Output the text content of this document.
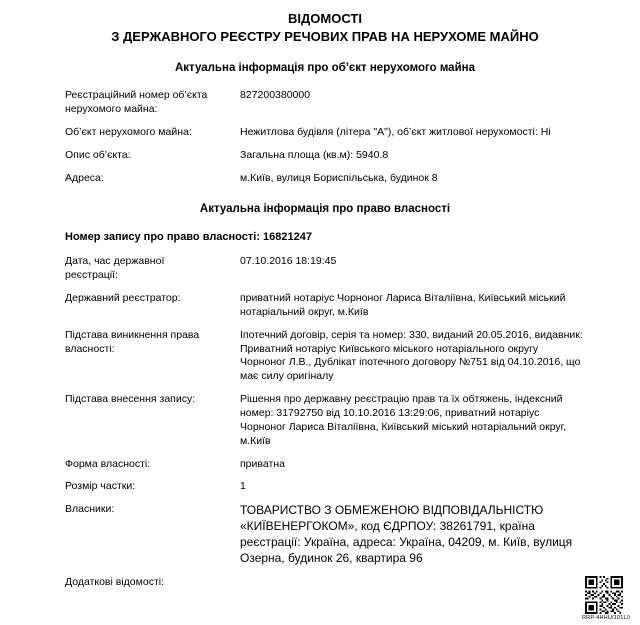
ВІДОМОСТІ
З ДЕРЖАВНОГО РЕЄСТРУ РЕЧОВИХ ПРАВ НА НЕРУХОМЕ МАЙНО
Актуальна інформація про об’єкт нерухомого майна
Реєстраційний номер об’єкта нерухомого майна:
827200380000
Об’єкт нерухомого майна:	Нежитлова будівля (літера "А"), об’єкт житлової нерухомості: Ні
Опис об’єкта:	Загальна площа (кв.м): 5940.8
Адреса:	м.Київ, вулиця Бориспільська, будинок 8
Актуальна інформація про право власності
Номер запису про право власності: 16821247
Дата, час державної реєстрації:
07.10.2016 18:19:45
Державний реєстратор:	приватний нотаріус Чорноног Лариса Віталіївна, Київський міський нотаріальний округ, м.Київ
Підстава виникнення права власності:
Іпотечний договір, серія та номер: 330, виданий 20.05.2016, видавник: Приватний нотаріус Київського міського нотаріального округу Чорноног Л.В., Дублікат іпотечного договору №751 від 04.10.2016, що має силу оригіналу
Підстава внесення запису:	Рішення про державну реєстрацію прав та їх обтяжень, індексний номер: 31792750 від 10.10.2016 13:29:06, приватний нотаріус Чорноног Лариса Віталіївна, Київський міський нотаріальний округ, м.Київ
Форма власності:	приватна
Розмір частки:	1
Власники:	ТОВАРИСТВО З ОБМЕЖЕНОЮ ВІДПОВІДАЛЬНІСТЮ «КИЇВЕНЕРГОКОМ», код ЄДРПОУ: 38261791, країна реєстрації: Україна, адреса: Україна, 04209, м. Київ, вулиця Озерна, будинок 26, квартира 96
Додаткові відомості:
RRP-4HHU/101L0
